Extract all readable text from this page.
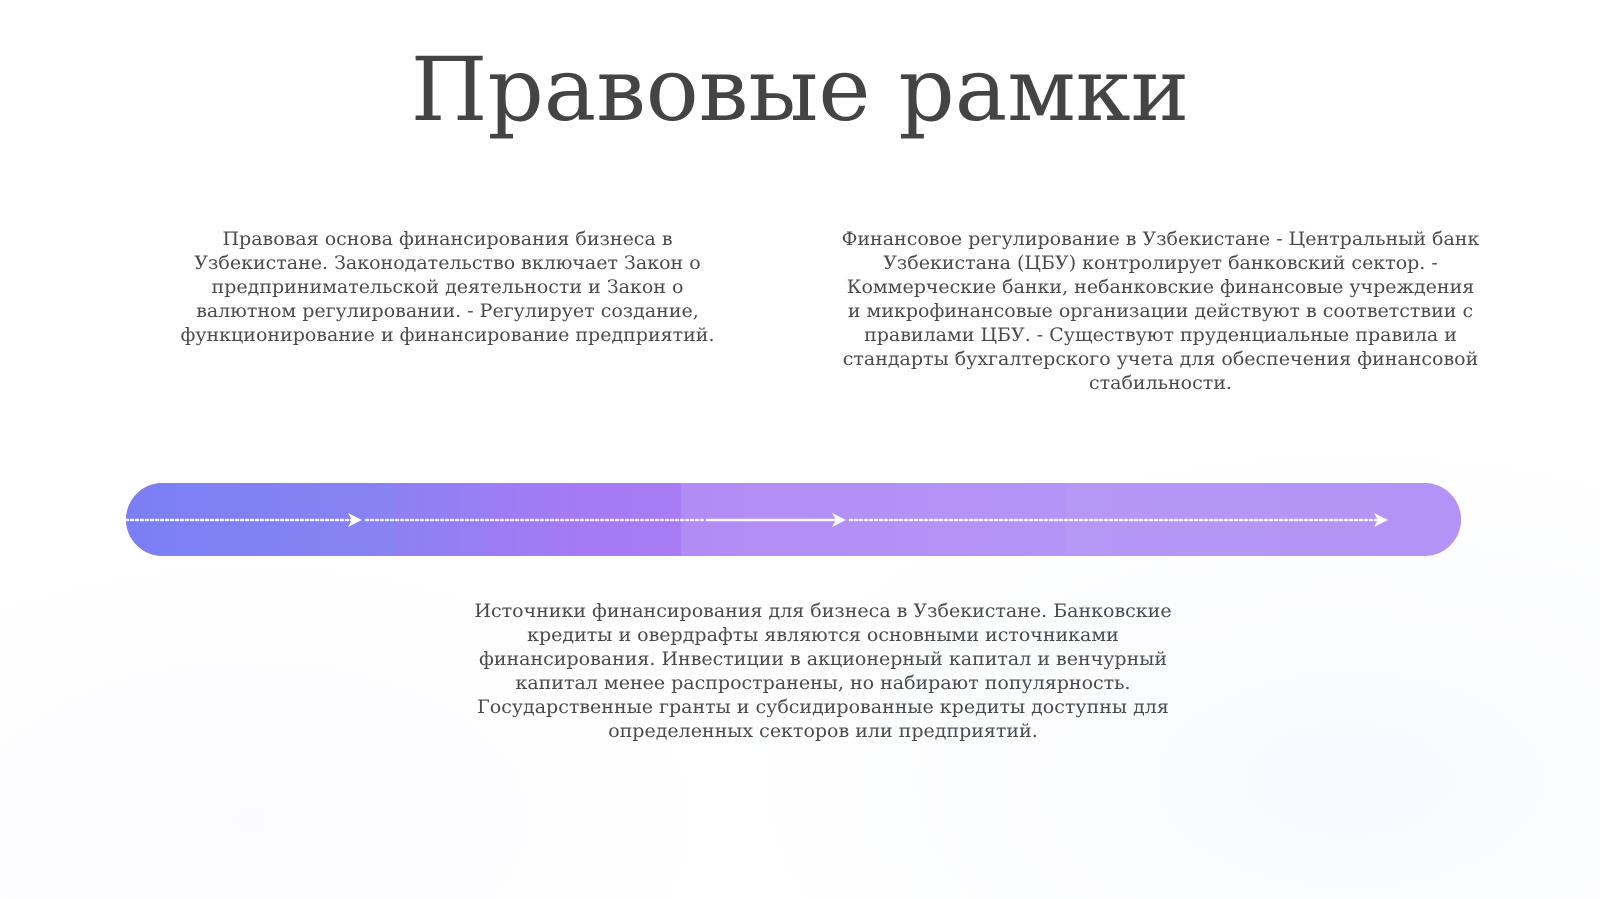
Правовые рамки

Правовая основа финансирования бизнеса в Узбекистане. Законодательство включает Закон о предпринимательской деятельности и Закон о валютном регулировании. - Регулирует создание, функционирование и финансирование предприятий.

Финансовое регулирование в Узбекистане - Центральный банк Узбекистана (ЦБУ) контролирует банковский сектор. - Коммерческие банки, небанковские финансовые учреждения и микрофинансовые организации действуют в соответствии с правилами ЦБУ. - Существуют пруденциальные правила и стандарты бухгалтерского учета для обеспечения финансовой стабильности.

Источники финансирования для бизнеса в Узбекистане. Банковские кредиты и овердрафты являются основными источниками финансирования. Инвестиции в акционерный капитал и венчурный капитал менее распространены, но набирают популярность. Государственные гранты и субсидированные кредиты доступны для определенных секторов или предприятий.
